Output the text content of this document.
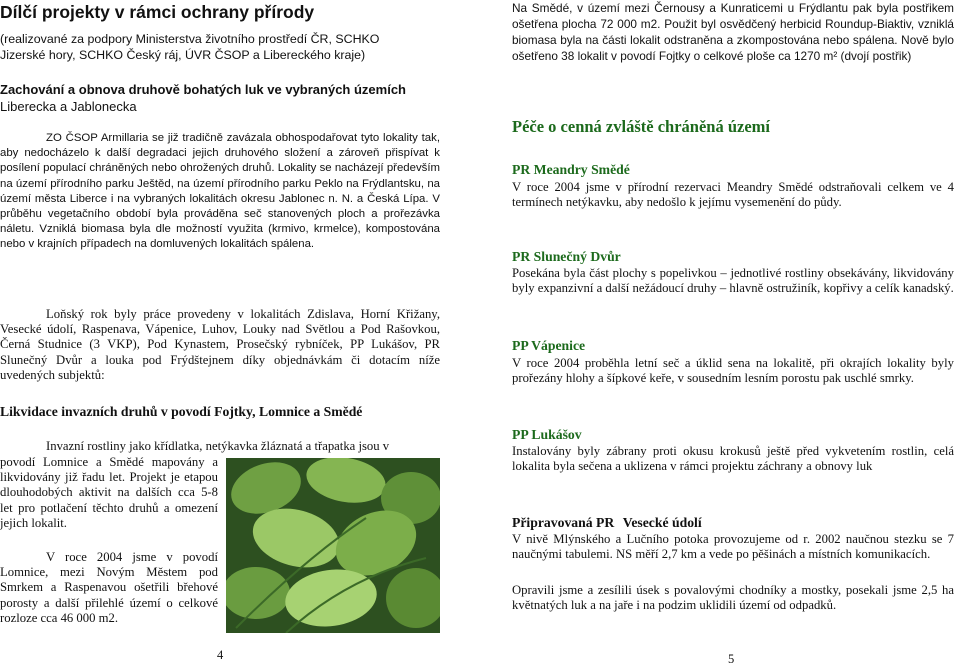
Dílčí projekty v rámci ochrany přírody
(realizované za podpory Ministerstva životního prostředí ČR, SCHKO
Jizerské hory, SCHKO Český ráj, ÚVR ČSOP a Libereckého kraje)
Zachování a obnova druhově bohatých luk ve vybraných územích
Libereckа a Jablonecka

ZO ČSOP Armillaria se již tradičně zavázala obhospodařovat tyto lokality tak, aby nedocházelo k další degradaci jejich druhového složení a zároveň přispívat k posílení populací chráněných nebo ohrožených druhů. Lokality se nacházejí především na území přírodního parku Ještěd, na území přírodního parku Peklo na Frýdlantsku, na území města Liberce i na vybraných lokalitách okresu Jablonec n. N. a Česká Lípa. V průběhu vegetačního období byla prováděna seč stanovených ploch a prořezávka náletu. Vzniklá biomasa byla dle možností využita (krmivo, krmelce), kompostována nebo v krajních případech na domluvených lokalitách spálena.

Loňský rok byly práce provedeny v lokalitách Zdislava, Horní Křižany, Vesecké údolí, Raspenava, Vápenice, Luhov, Louky nad Světlou a Pod Rašovkou, Černá Studnice (3 VKP), Pod Kynastem, Prosečský rybníček, PP Lukášov, PR Slunečný Dvůr a louka pod Frýdštejnem díky objednávkám či dotacím níže uvedených subjektů:

Likvidace invazních druhů v povodí Fojtky, Lomnice a Smědé

Invazní rostliny jako křídlatka, netýkavka žláznatá a třapatka jsou v

povodí Lomnice a Smědé mapovány a likvidovány již řadu let. Projekt je etapou dlouhodobých aktivit na dalších cca 5-8 let pro potlačení těchto druhů a omezení jejich lokalit.

V roce 2004 jsme v povodí Lomnice, mezi Novým Městem pod Smrkem a Raspenavou ošetřili břehové porosty a další přilehlé území o celkové rozloze cca 46 000 m2.

4

Na Smědé, v území mezi Černousy a Kunraticemi u Frýdlantu pak byla postřikem ošetřena plocha 72 000 m2. Použit byl osvědčený herbicid Roundup-Biaktiv, vzniklá biomasa byla na části lokalit odstraněna a zkompostována nebo spálena. Nově bylo ošetřeno 38 lokalit v povodí Fojtky o celkové ploše ca 1270 m² (dvojí postřik)

Péče o cenná zvláště chráněná území
PR Meandry Smědé

V roce 2004 jsme v přírodní rezervaci Meandry Smědé odstraňovali celkem ve 4 termínech netýkavku, aby nedošlo k jejímu vysemenění do půdy.

PR Slunečný Dvůr

Posekána byla část plochy s popelivkou – jednotlivé rostliny obsekávány, likvidovány byly expanzivní a další nežádoucí druhy – hlavně ostružiník, kopřivy a celík kanadský.

PP Vápenice

V roce 2004 proběhla letní seč a úklid sena na lokalitě, při okrajích lokality byly prořezány hlohy a šípkové keře, v sousedním lesním porostu pak uschlé smrky.

PP Lukášov

Instalovány byly zábrany proti okusu krokusů ještě před vykvetením rostlin, celá lokalita byla sečena a uklizena v rámci projektu záchrany a obnovy luk

Připravovaná PR Vesecké údolí

V nivě Mlýnského a Lučního potoka provozujeme od r. 2002 naučnou stezku se 7 naučnými tabulemi. NS měří 2,7 km a vede po pěšinách a místních komunikacích.

Opravili jsme a zesílili úsek s povalovými chodníky a mostky, posekali jsme 2,5 ha květnatých luk a na jaře i na podzim uklidili území od odpadků.

5
